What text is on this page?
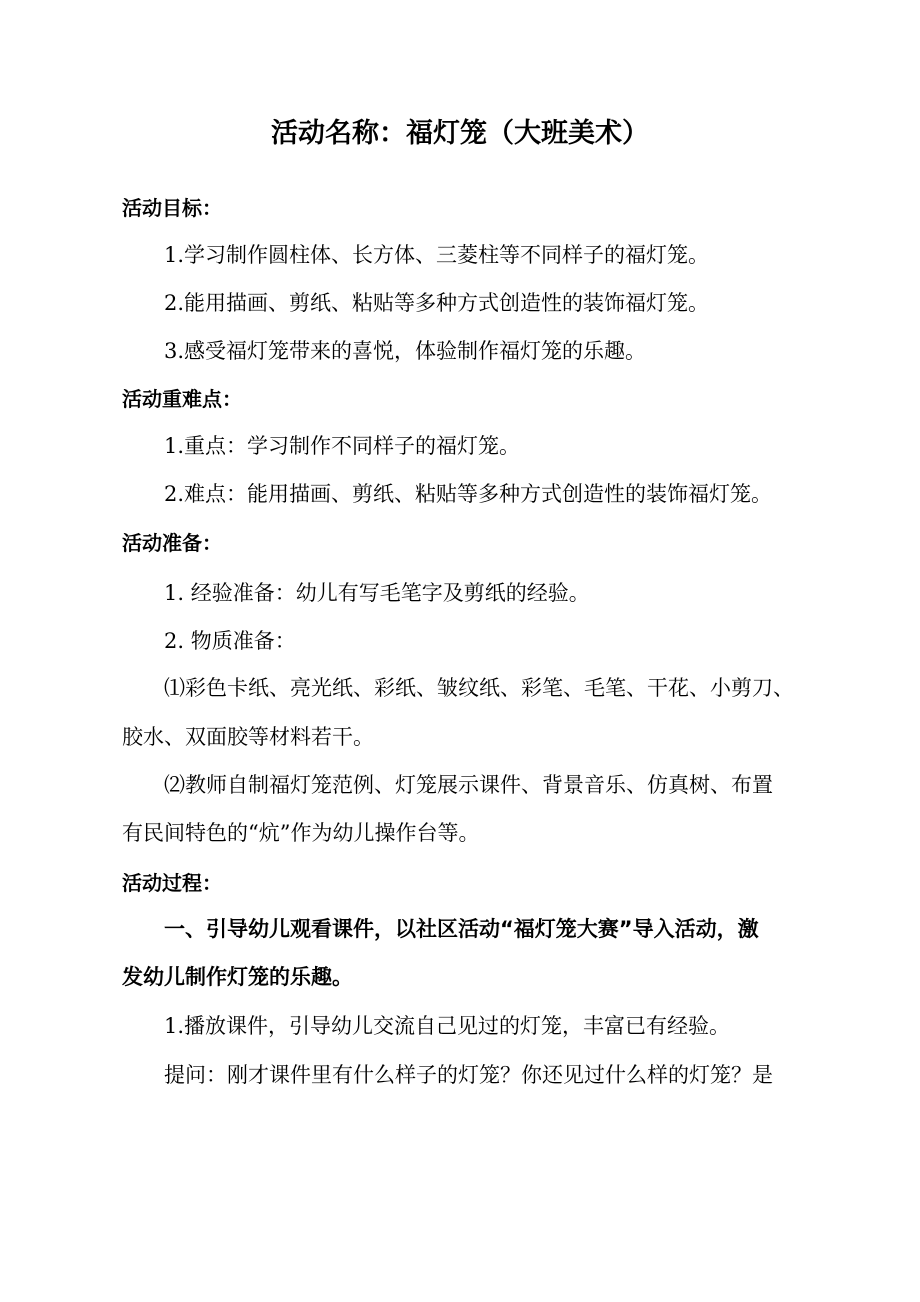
活动名称：福灯笼（大班美术）
活动目标：
1.学习制作圆柱体、长方体、三菱柱等不同样子的福灯笼。
2.能用描画、剪纸、粘贴等多种方式创造性的装饰福灯笼。
3.感受福灯笼带来的喜悦，体验制作福灯笼的乐趣。
活动重难点：
1.重点：学习制作不同样子的福灯笼。
2.难点：能用描画、剪纸、粘贴等多种方式创造性的装饰福灯笼。
活动准备：
1. 经验准备：幼儿有写毛笔字及剪纸的经验。
2. 物质准备：
⑴彩色卡纸、亮光纸、彩纸、皱纹纸、彩笔、毛笔、干花、小剪刀、
胶水、双面胶等材料若干。
⑵教师自制福灯笼范例、灯笼展示课件、背景音乐、仿真树、布置
有民间特色的“炕”作为幼儿操作台等。
活动过程：
一、引导幼儿观看课件，以社区活动“福灯笼大赛”导入活动，激
发幼儿制作灯笼的乐趣。
1.播放课件，引导幼儿交流自己见过的灯笼，丰富已有经验。
提问：刚才课件里有什么样子的灯笼？你还见过什么样的灯笼？是
